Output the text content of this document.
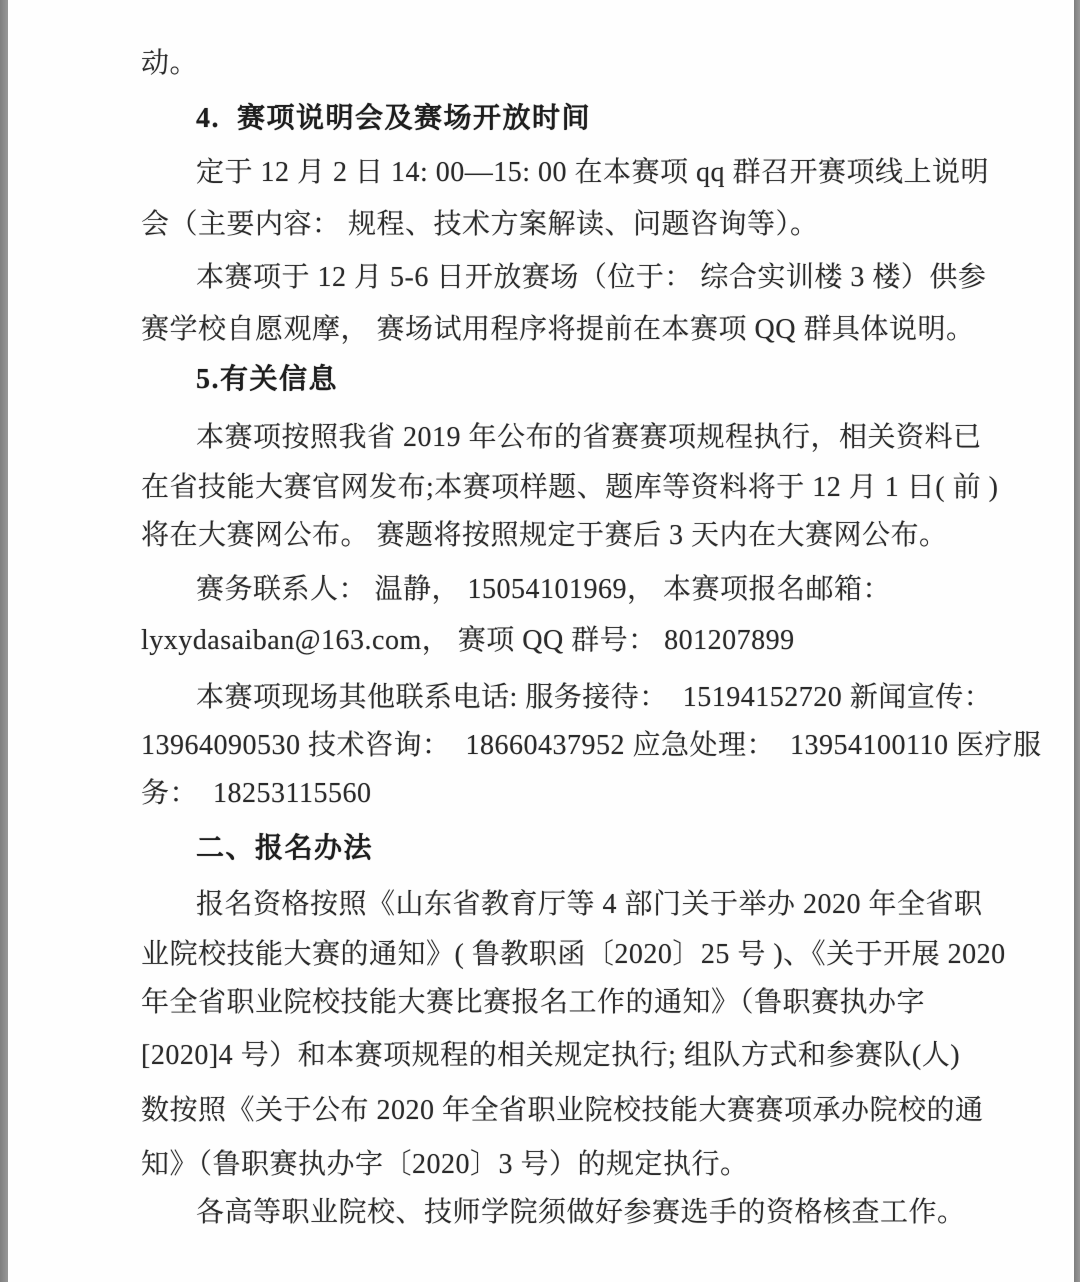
动。
4.  赛项说明会及赛场开放时间
定于 12 月 2 日 14: 00—15: 00 在本赛项 qq 群召开赛项线上说明
会（主要内容： 规程、技术方案解读、问题咨询等）。
本赛项于 12 月 5-6 日开放赛场（位于： 综合实训楼 3 楼）供参
赛学校自愿观摩， 赛场试用程序将提前在本赛项 QQ 群具体说明。
5.有关信息
本赛项按照我省 2019 年公布的省赛赛项规程执行，相关资料已
在省技能大赛官网发布;本赛项样题、题库等资料将于 12 月 1 日( 前 )
将在大赛网公布。 赛题将按照规定于赛后 3 天内在大赛网公布。
赛务联系人： 温静， 15054101969， 本赛项报名邮箱：
lyxydasaiban@163.com， 赛项 QQ 群号： 801207899
本赛项现场其他联系电话: 服务接待：  15194152720 新闻宣传：
13964090530 技术咨询：  18660437952 应急处理：  13954100110 医疗服
务：  18253115560
二、报名办法
报名资格按照《山东省教育厅等 4 部门关于举办 2020 年全省职
业院校技能大赛的通知》( 鲁教职函〔2020〕25 号 )、《关于开展 2020
年全省职业院校技能大赛比赛报名工作的通知》（鲁职赛执办字
[2020]4 号）和本赛项规程的相关规定执行; 组队方式和参赛队(人)
数按照《关于公布 2020 年全省职业院校技能大赛赛项承办院校的通
知》（鲁职赛执办字〔2020〕3 号）的规定执行。
各高等职业院校、技师学院须做好参赛选手的资格核查工作。
